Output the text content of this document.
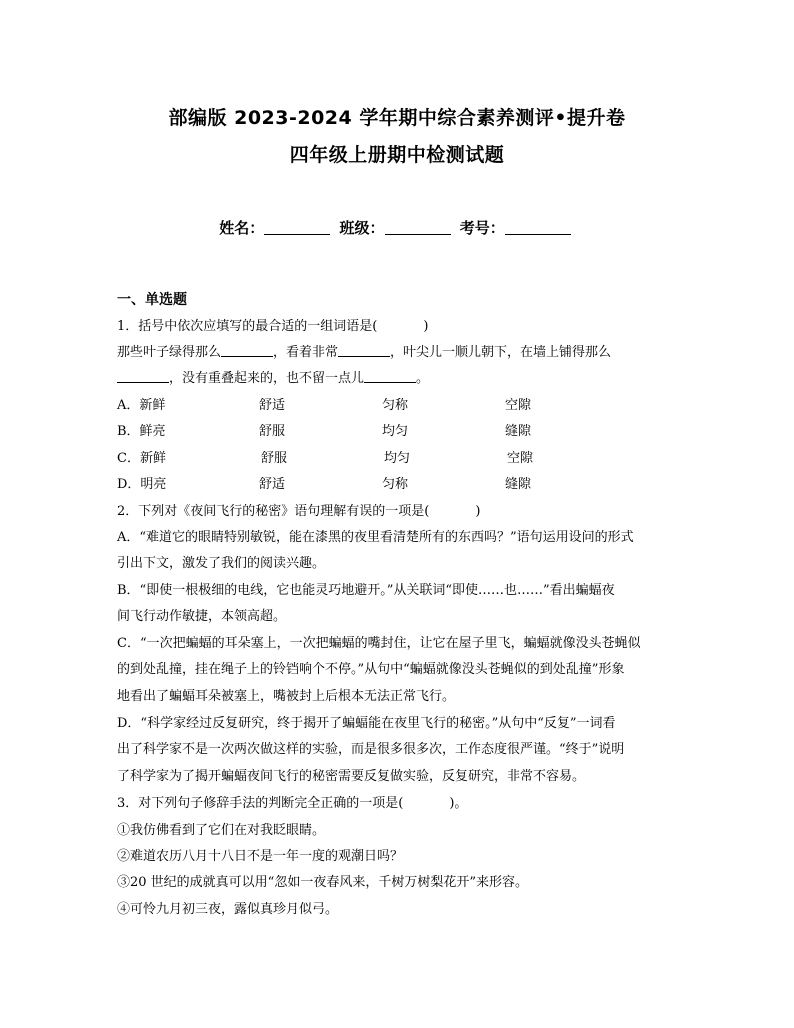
部编版 2023-2024 学年期中综合素养测评•提升卷
四年级上册期中检测试题
姓名：	班级：	考号：
一、单选题
1．括号中依次应填写的最合适的一组词语是(	)
那些叶子绿得那么	，看着非常	，叶尖儿一顺儿朝下，在墙上铺得那么
，没有重叠起来的，也不留一点儿	。
A．新鲜	舒适	匀称	空隙
B．鲜亮	舒服	均匀	缝隙
C．新鲜	舒服	均匀	空隙
D．明亮	舒适	匀称	缝隙
2．下列对《夜间飞行的秘密》语句理解有误的一项是(	)
A．“难道它的眼睛特别敏锐，能在漆黑的夜里看清楚所有的东西吗？”语句运用设问的形式
引出下文，激发了我们的阅读兴趣。
B．“即使一根极细的电线，它也能灵巧地避开。”从关联词“即使……也……”看出蝙蝠夜
间飞行动作敏捷，本领高超。
C．“一次把蝙蝠的耳朵塞上，一次把蝙蝠的嘴封住，让它在屋子里飞，蝙蝠就像没头苍蝇似
的到处乱撞，挂在绳子上的铃铛响个不停。”从句中“蝙蝠就像没头苍蝇似的到处乱撞”形象
地看出了蝙蝠耳朵被塞上，嘴被封上后根本无法正常飞行。
D．“科学家经过反复研究，终于揭开了蝙蝠能在夜里飞行的秘密。”从句中“反复”一词看
出了科学家不是一次两次做这样的实验，而是很多很多次，工作态度很严谨。“终于”说明
了科学家为了揭开蝙蝠夜间飞行的秘密需要反复做实验，反复研究，非常不容易。
3．对下列句子修辞手法的判断完全正确的一项是(	)。
①我仿佛看到了它们在对我眨眼睛。
②难道农历八月十八日不是一年一度的观潮日吗？
③20 世纪的成就真可以用“忽如一夜春风来，千树万树梨花开”来形容。
④可怜九月初三夜，露似真珍月似弓。
